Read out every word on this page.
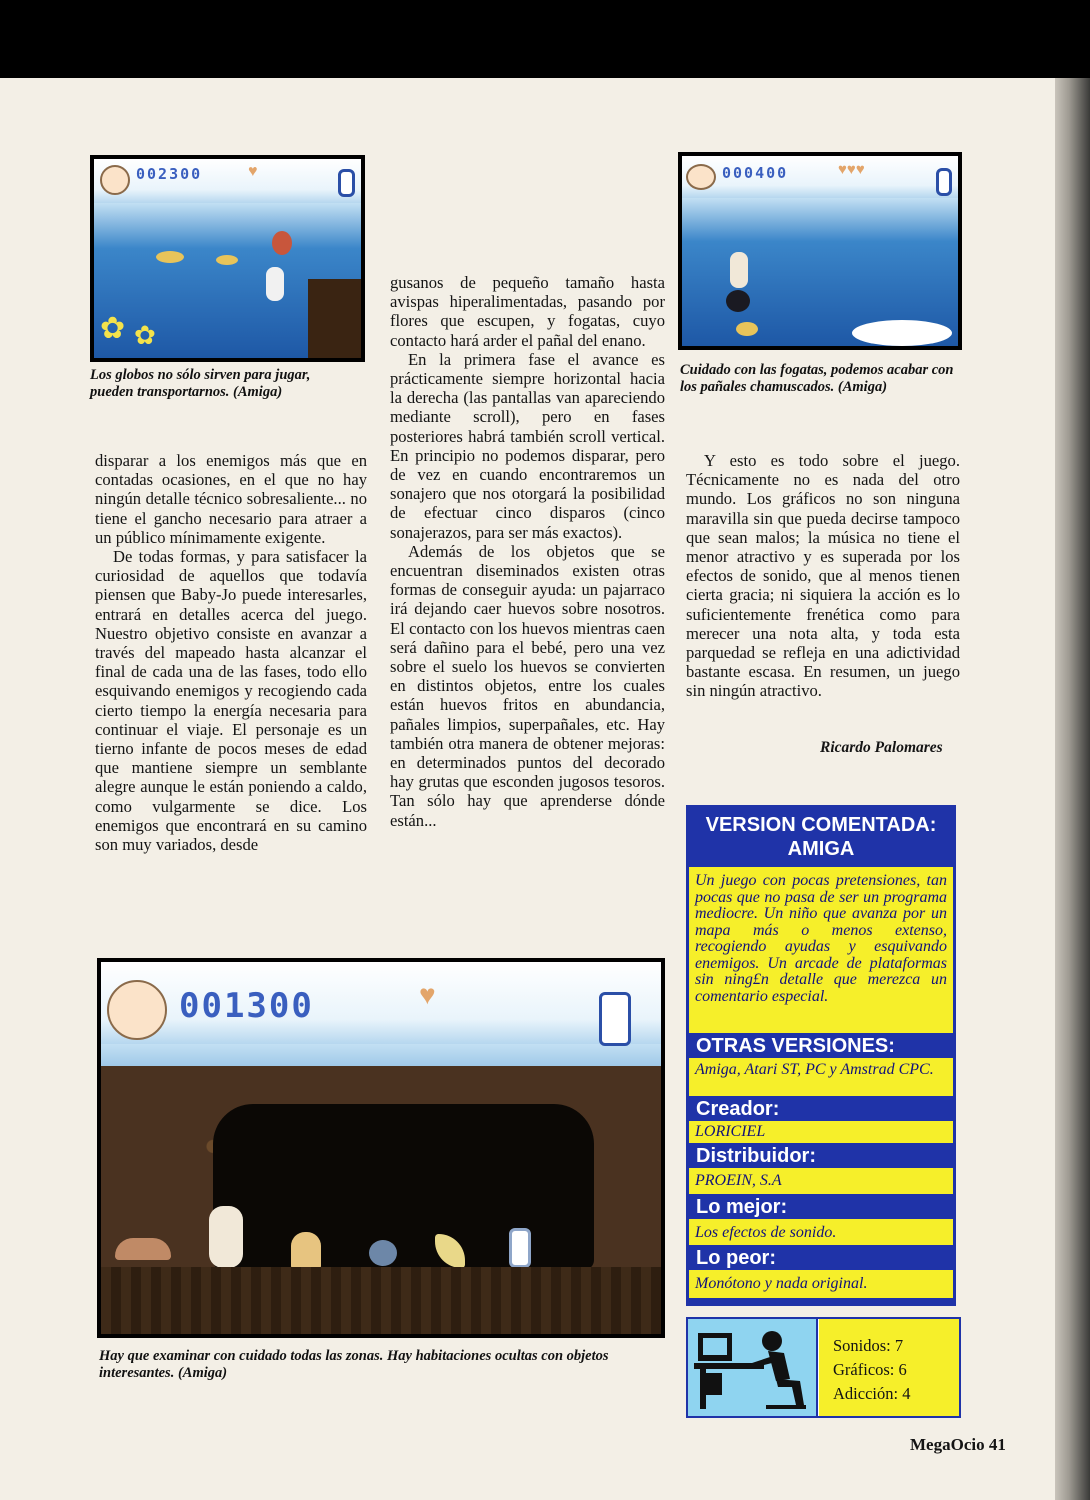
002300	♥
✿ ✿
Los globos no sólo sirven para jugar, pueden transportarnos. (Amiga)
000400	♥♥♥
Cuidado con las fogatas, podemos acabar con los pañales chamuscados. (Amiga)

disparar a los enemigos más que en contadas ocasiones, en el que no hay ningún detalle técnico sobresaliente... no tiene el gancho necesario para atraer a un público mínimamente exigente.

De todas formas, y para satisfacer la curiosidad de aquellos que todavía piensen que Baby-Jo puede interesarles, entrará en detalles acerca del juego. Nuestro objetivo consiste en avanzar a través del mapeado hasta alcanzar el final de cada una de las fases, todo ello esquivando enemigos y recogiendo cada cierto tiempo la energía necesaria para continuar el viaje. El personaje es un tierno infante de pocos meses de edad que mantiene siempre un semblante alegre aunque le están poniendo a caldo, como vulgarmente se dice. Los enemigos que encontrará en su camino son muy variados, desde

gusanos de pequeño tamaño hasta avispas hiperalimentadas, pasando por flores que escupen, y fogatas, cuyo contacto hará arder el pañal del enano.

En la primera fase el avance es prácticamente siempre horizontal hacia la derecha (las pantallas van apareciendo mediante scroll), pero en fases posteriores habrá también scroll vertical. En principio no podemos disparar, pero de vez en cuando encontraremos un sonajero que nos otorgará la posibilidad de efectuar cinco disparos (cinco sonajerazos, para ser más exactos).

Además de los objetos que se encuentran diseminados existen otras formas de conseguir ayuda: un pajarraco irá dejando caer huevos sobre nosotros. El contacto con los huevos mientras caen será dañino para el bebé, pero una vez sobre el suelo los huevos se convierten en distintos objetos, entre los cuales están huevos fritos en abundancia, pañales limpios, superpañales, etc. Hay también otra manera de obtener mejoras: en determinados puntos del decorado hay grutas que esconden jugosos tesoros. Tan sólo hay que aprenderse dónde están...

Y esto es todo sobre el juego. Técnicamente no es nada del otro mundo. Los gráficos no son ninguna maravilla sin que pueda decirse tampoco que sean malos; la música no tiene el menor atractivo y es superada por los efectos de sonido, que al menos tienen cierta gracia; ni siquiera la acción es lo suficientemente frenética como para merecer una nota alta, y toda esta parquedad se refleja en una adictividad bastante escasa. En resumen, un juego sin ningún atractivo.

Ricardo Palomares
001300	♥
Hay que examinar con cuidado todas las zonas. Hay habitaciones ocultas con objetos interesantes. (Amiga)
VERSION COMENTADA:
AMIGA
Un juego con pocas pretensiones, tan pocas que no pasa de ser un programa mediocre. Un niño que avanza por un mapa más o menos extenso, recogiendo ayudas y esquivando enemigos. Un arcade de plataformas sin ning£n detalle que merezca un comentario especial.
OTRAS VERSIONES:
Amiga, Atari ST, PC y Amstrad CPC.
Creador:
LORICIEL
Distribuidor:
PROEIN, S.A
Lo mejor:
Los efectos de sonido.
Lo peor:
Monótono y nada original.
Sonidos: 7
Gráficos: 6
Adicción: 4
MegaOcio 41
